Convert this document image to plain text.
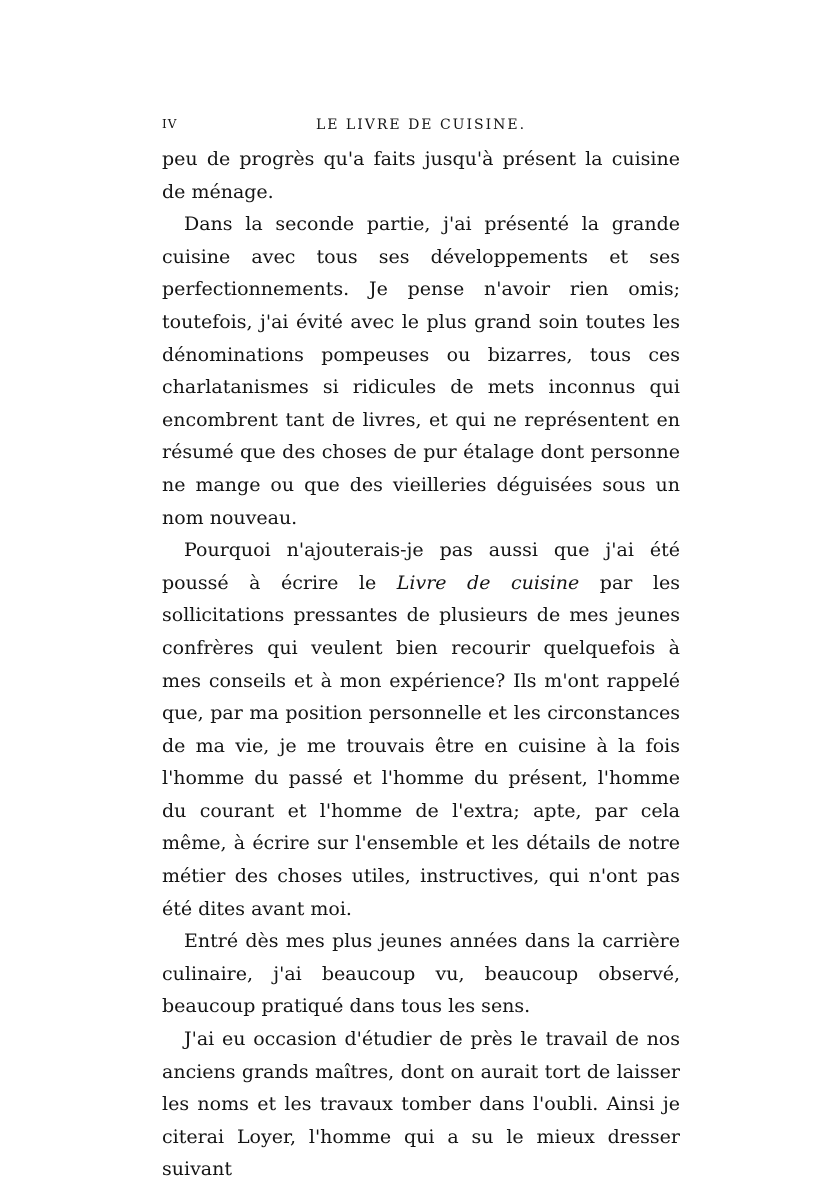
IV	LE LIVRE DE CUISINE.

peu de progrès qu'a faits jusqu'à présent la cuisine de ménage.

Dans la seconde partie, j'ai présenté la grande cuisine avec tous ses développements et ses perfectionnements. Je pense n'avoir rien omis; toutefois, j'ai évité avec le plus grand soin toutes les dénominations pompeuses ou bizarres, tous ces charlatanismes si ridicules de mets inconnus qui encombrent tant de livres, et qui ne représentent en résumé que des choses de pur étalage dont personne ne mange ou que des vieilleries déguisées sous un nom nouveau.

Pourquoi n'ajouterais-je pas aussi que j'ai été poussé à écrire le Livre de cuisine par les sollicitations pressantes de plusieurs de mes jeunes confrères qui veulent bien recourir quelquefois à mes conseils et à mon expérience? Ils m'ont rappelé que, par ma position personnelle et les circonstances de ma vie, je me trouvais être en cuisine à la fois l'homme du passé et l'homme du présent, l'homme du courant et l'homme de l'extra; apte, par cela même, à écrire sur l'ensemble et les détails de notre métier des choses utiles, instructives, qui n'ont pas été dites avant moi.

Entré dès mes plus jeunes années dans la carrière culinaire, j'ai beaucoup vu, beaucoup observé, beaucoup pratiqué dans tous les sens.

J'ai eu occasion d'étudier de près le travail de nos anciens grands maîtres, dont on aurait tort de laisser les noms et les travaux tomber dans l'oubli. Ainsi je citerai Loyer, l'homme qui a su le mieux dresser suivant
